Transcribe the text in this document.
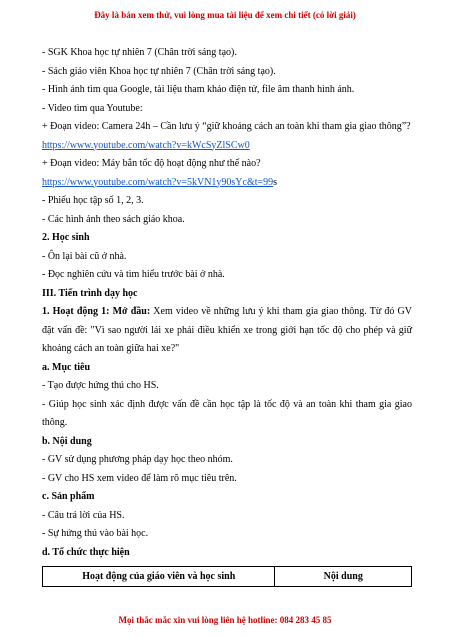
Đây là bản xem thử, vui lòng mua tài liệu để xem chi tiết (có lời giải)

- SGK Khoa học tự nhiên 7 (Chân trời sáng tạo).

- Sách giáo viên Khoa học tự nhiên 7 (Chân trời sáng tạo).

- Hình ảnh tìm qua Google, tài liệu tham khảo điện tử, file âm thanh hình ảnh.

- Video tìm qua Youtube:

+ Đoạn video: Camera 24h – Cần lưu ý “giữ khoảng cách an toàn khi tham gia giao thông”?

https://www.youtube.com/watch?v=kWcSyZlSCw0

+ Đoạn video: Máy bắn tốc độ hoạt động như thế nào?

https://www.youtube.com/watch?v=5kVN1y90sYc&t=99s

- Phiếu học tập số 1, 2, 3.

- Các hình ảnh theo sách giáo khoa.

2. Học sinh

- Ôn lại bài cũ ở nhà.

- Đọc nghiên cứu và tìm hiểu trước bài ở nhà.

III. Tiến trình dạy học

1. Hoạt động 1: Mở đầu: Xem video về những lưu ý khi tham gia giao thông. Từ đó GV đặt vấn đề: "Vì sao người lái xe phải điều khiển xe trong giới hạn tốc độ cho phép và giữ khoảng cách an toàn giữa hai xe?"

a. Mục tiêu

- Tạo được hứng thú cho HS.

- Giúp học sinh xác định được vấn đề cần học tập là tốc độ và an toàn khi tham gia giao thông.

b. Nội dung

- GV sử dụng phương pháp dạy học theo nhóm.

- GV cho HS xem video để làm rõ mục tiêu trên.

c. Sản phẩm

- Câu trả lời của HS.

- Sự hứng thú vào bài học.

d. Tổ chức thực hiện

Hoạt động của giáo viên và học sinh	Nội dung
Mọi thắc mắc xin vui lòng liên hệ hotline: 084 283 45 85
